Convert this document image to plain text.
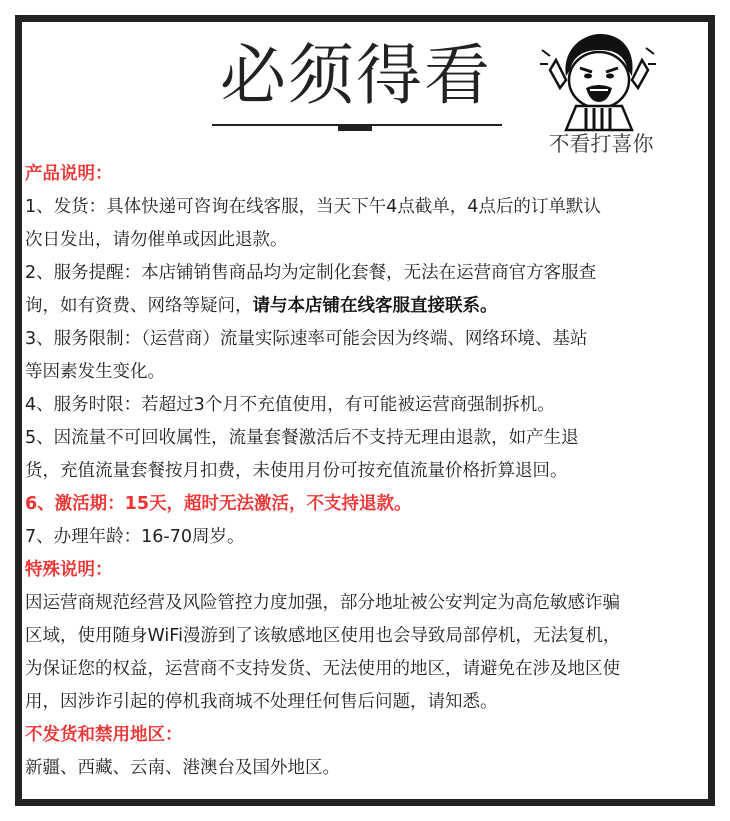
必须得看
不看打喜你
产品说明：
1、发货：具体快递可咨询在线客服，当天下午4点截单，4点后的订单默认
次日发出，请勿催单或因此退款。
2、服务提醒：本店铺销售商品均为定制化套餐，无法在运营商官方客服查
询，如有资费、网络等疑问，请与本店铺在线客服直接联系。
3、服务限制：（运营商）流量实际速率可能会因为终端、网络环境、基站
等因素发生变化。
4、服务时限：若超过3个月不充值使用，有可能被运营商强制拆机。
5、因流量不可回收属性，流量套餐激活后不支持无理由退款，如产生退
货，充值流量套餐按月扣费，未使用月份可按充值流量价格折算退回。
6、激活期：15天，超时无法激活，不支持退款。
7、办理年龄：16-70周岁。
特殊说明：
因运营商规范经营及风险管控力度加强，部分地址被公安判定为高危敏感诈骗
区域，使用随身WiFi漫游到了该敏感地区使用也会导致局部停机，无法复机，
为保证您的权益，运营商不支持发货、无法使用的地区，请避免在涉及地区使
用，因涉诈引起的停机我商城不处理任何售后问题，请知悉。
不发货和禁用地区：
新疆、西藏、云南、港澳台及国外地区。
